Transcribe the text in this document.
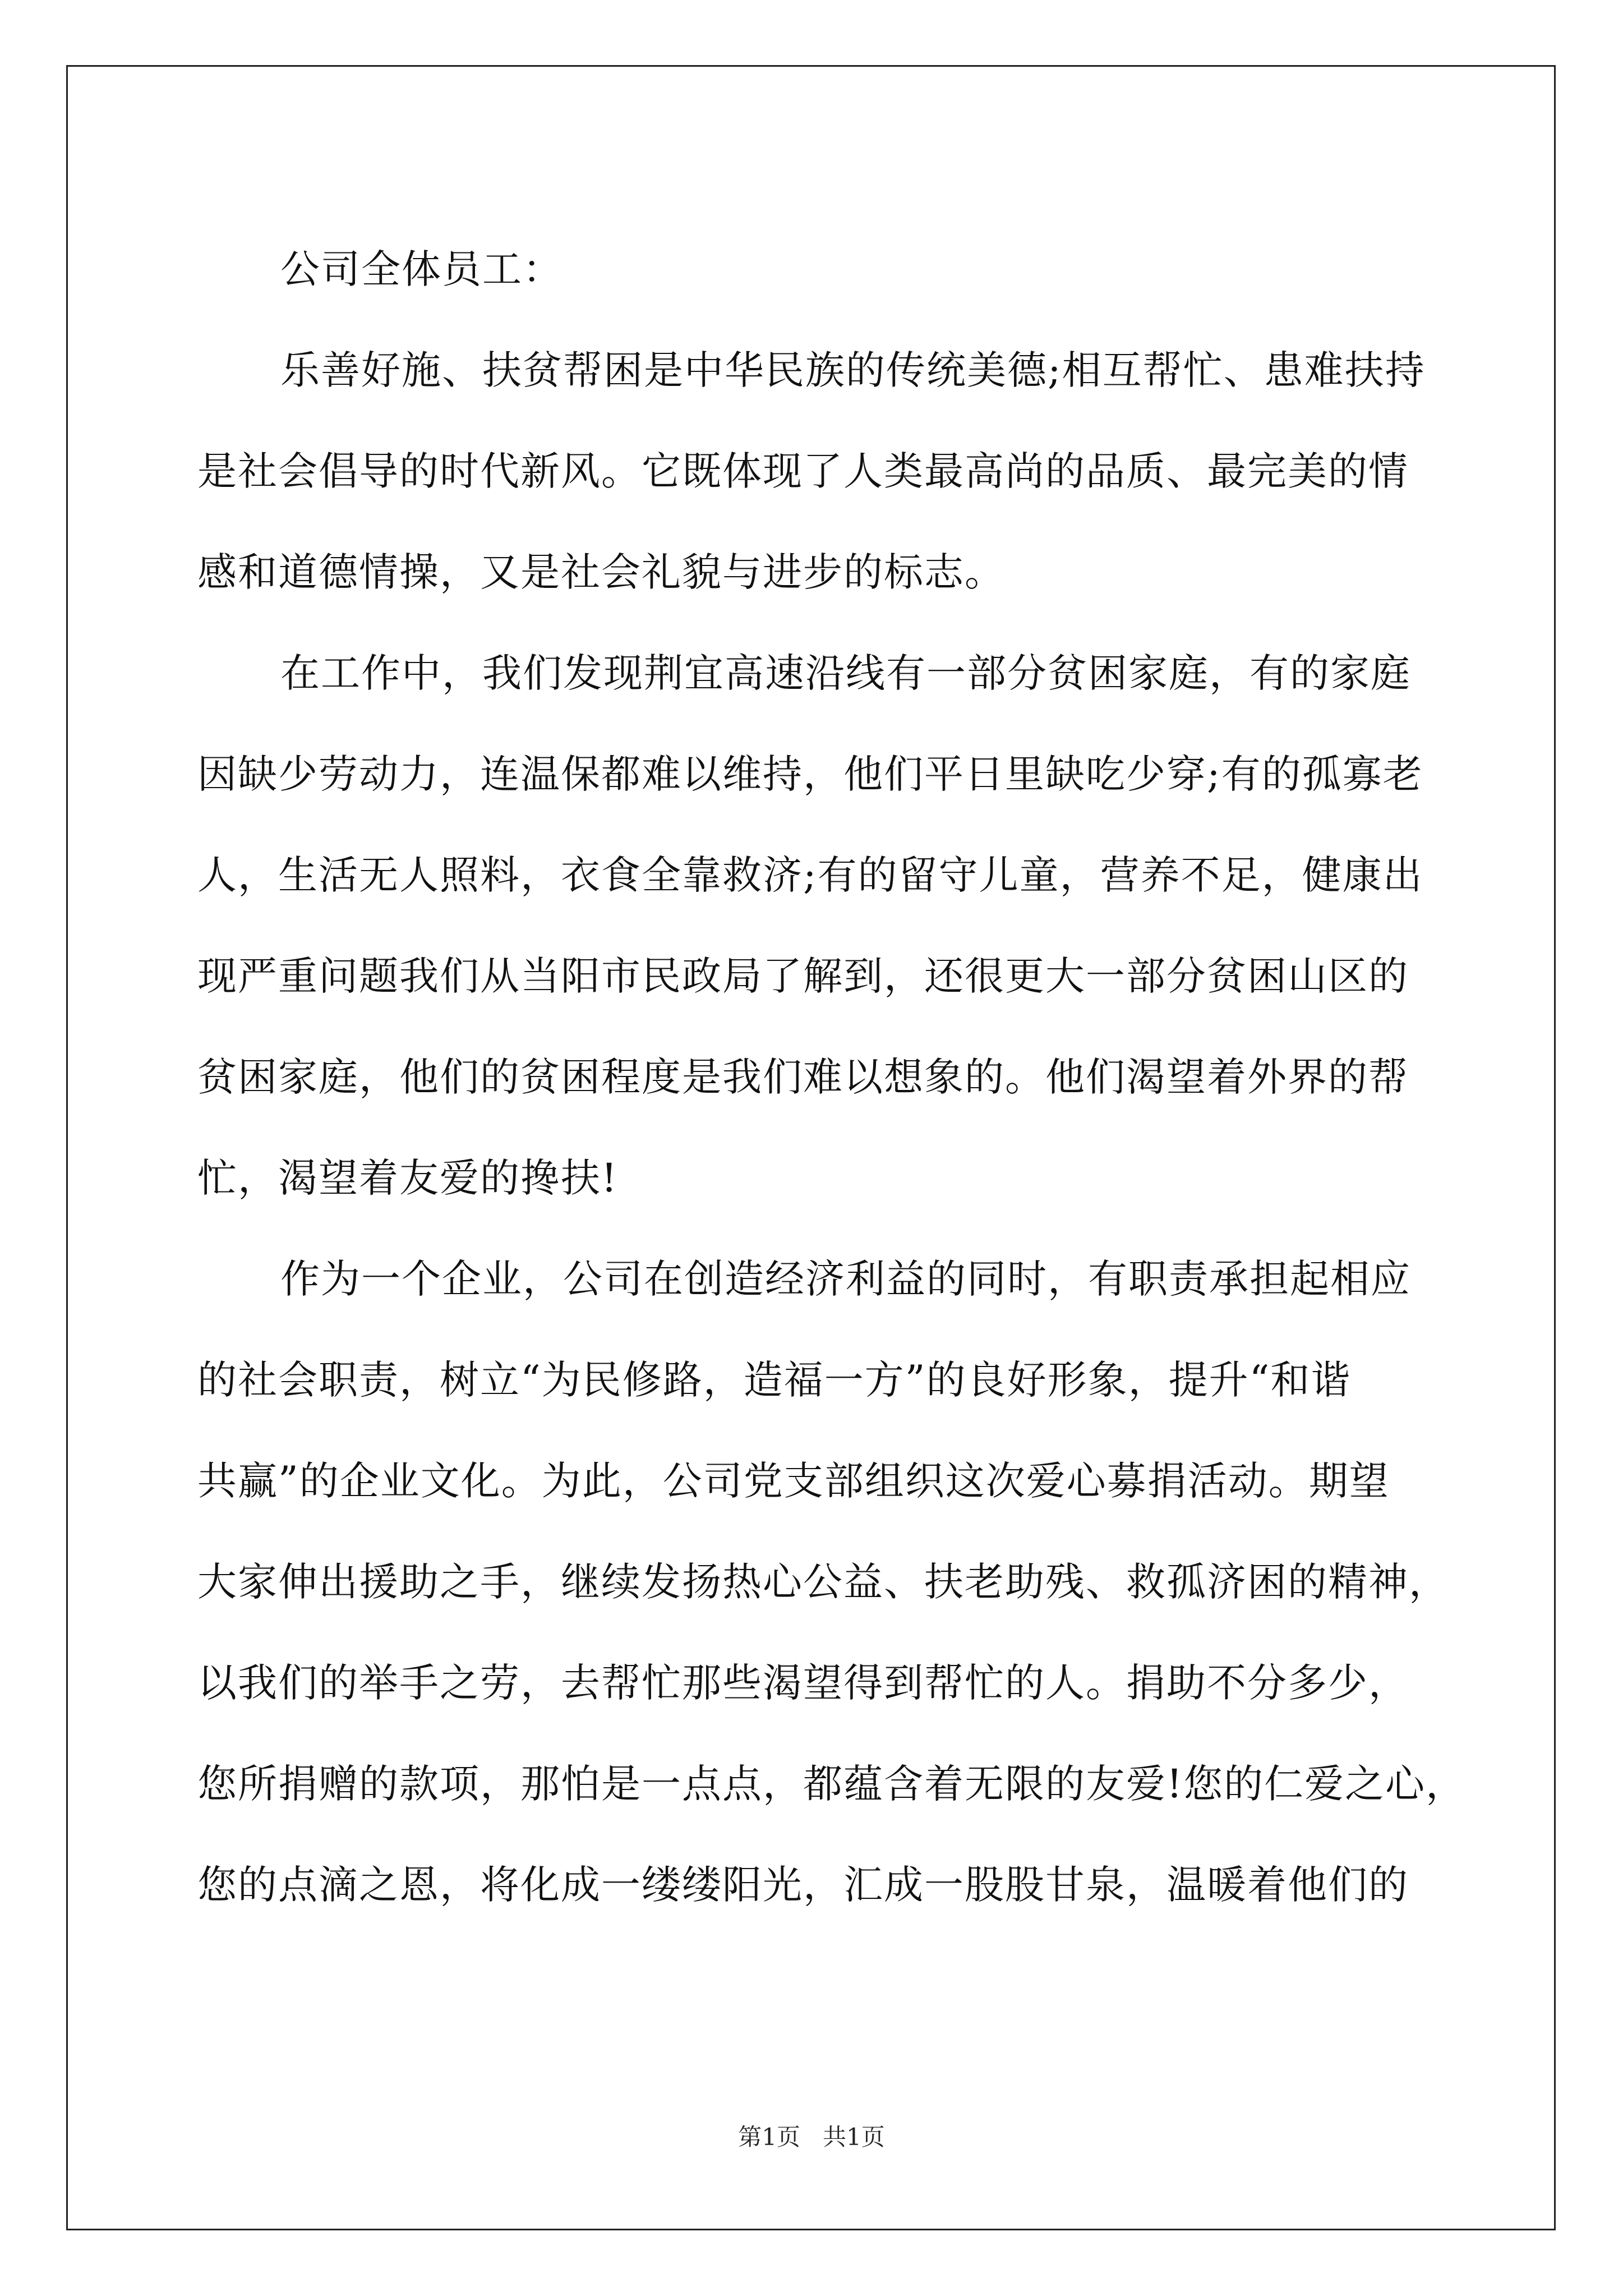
公司全体员工：
乐善好施、扶贫帮困是中华民族的传统美德;相互帮忙、患难扶持
是社会倡导的时代新风。它既体现了人类最高尚的品质、最完美的情
感和道德情操，又是社会礼貌与进步的标志。
在工作中，我们发现荆宜高速沿线有一部分贫困家庭，有的家庭
因缺少劳动力，连温保都难以维持，他们平日里缺吃少穿;有的孤寡老
人，生活无人照料，衣食全靠救济;有的留守儿童，营养不足，健康出
现严重问题我们从当阳市民政局了解到，还很更大一部分贫困山区的
贫困家庭，他们的贫困程度是我们难以想象的。他们渴望着外界的帮
忙，渴望着友爱的搀扶!
作为一个企业，公司在创造经济利益的同时，有职责承担起相应
的社会职责，树立“为民修路，造福一方”的良好形象，提升“和谐
共赢”的企业文化。为此，公司党支部组织这次爱心募捐活动。期望
大家伸出援助之手，继续发扬热心公益、扶老助残、救孤济困的精神，
以我们的举手之劳，去帮忙那些渴望得到帮忙的人。捐助不分多少，
您所捐赠的款项，那怕是一点点，都蕴含着无限的友爱!您的仁爱之心，
您的点滴之恩，将化成一缕缕阳光，汇成一股股甘泉，温暖着他们的
第1页   共1页
